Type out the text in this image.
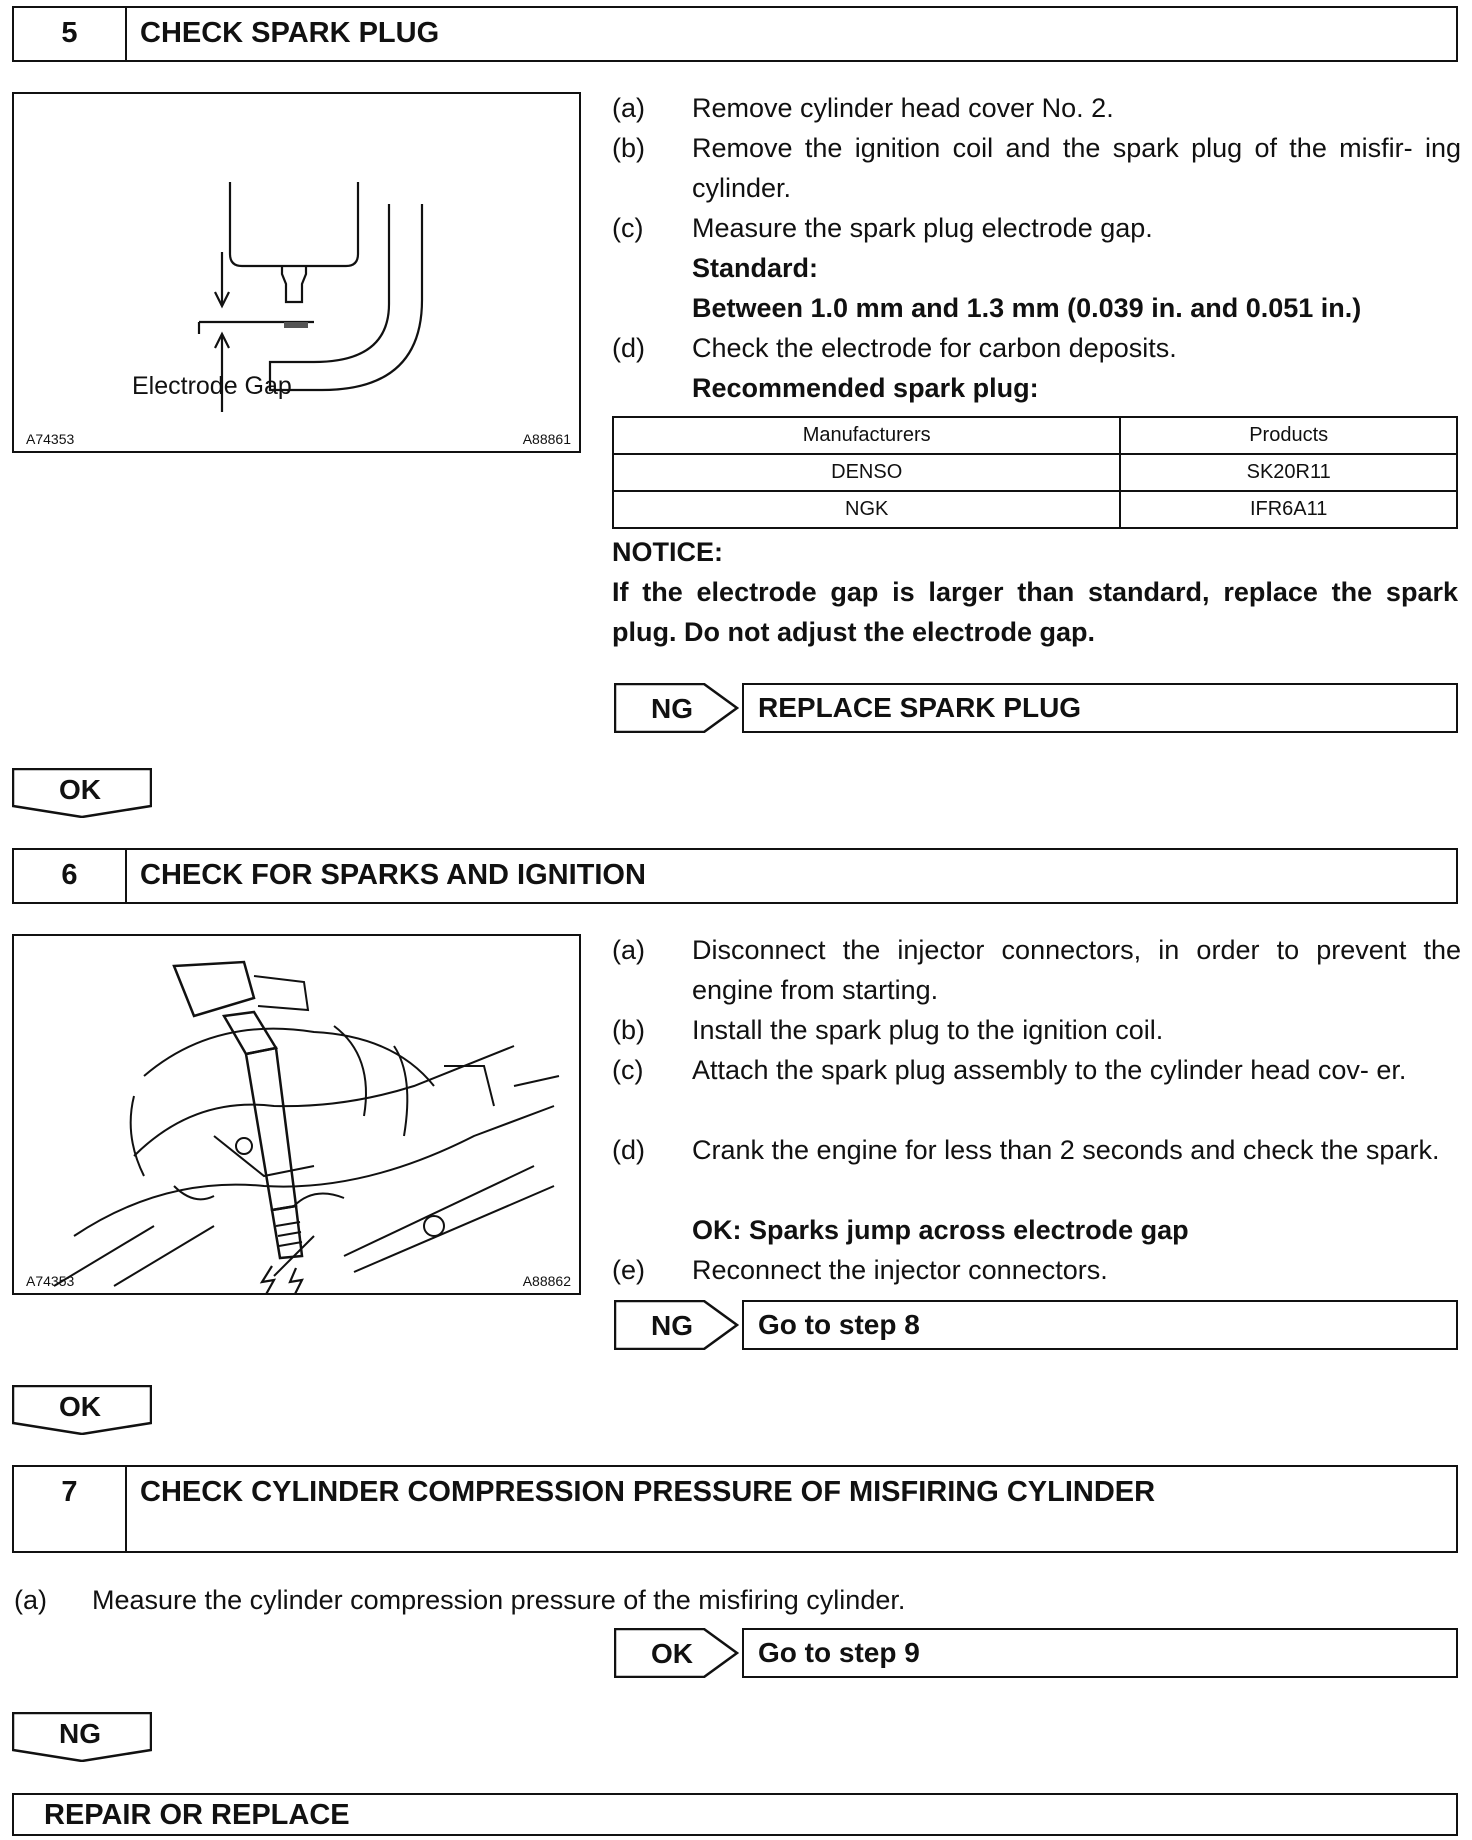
5	CHECK SPARK PLUG
Electrode Gap
A74353	A88861
(a) Remove cylinder head cover No. 2.
(b) Remove the ignition coil and the spark plug of the misfir- ing cylinder.
(c) Measure the spark plug electrode gap.
Standard:
Between 1.0 mm and 1.3 mm (0.039 in. and 0.051 in.)
(d) Check the electrode for carbon deposits.
Recommended spark plug:
Manufacturers	Products
DENSO	SK20R11
NGK	IFR6A11
NOTICE:
If the electrode gap is larger than standard, replace the spark plug. Do not adjust the electrode gap.
NG	REPLACE SPARK PLUG
OK
6	CHECK FOR SPARKS AND IGNITION
A74353	A88862
(a) Disconnect the injector connectors, in order to prevent the engine from starting.
(b) Install the spark plug to the ignition coil.
(c) Attach the spark plug assembly to the cylinder head cov- er.
(d) Crank the engine for less than 2 seconds and check the spark.
OK: Sparks jump across electrode gap
(e) Reconnect the injector connectors.
NG	Go to step 8
OK
7	CHECK CYLINDER COMPRESSION PRESSURE OF MISFIRING CYLINDER
(a) Measure the cylinder compression pressure of the misfiring cylinder.
OK	Go to step 9
NG
REPAIR OR REPLACE
